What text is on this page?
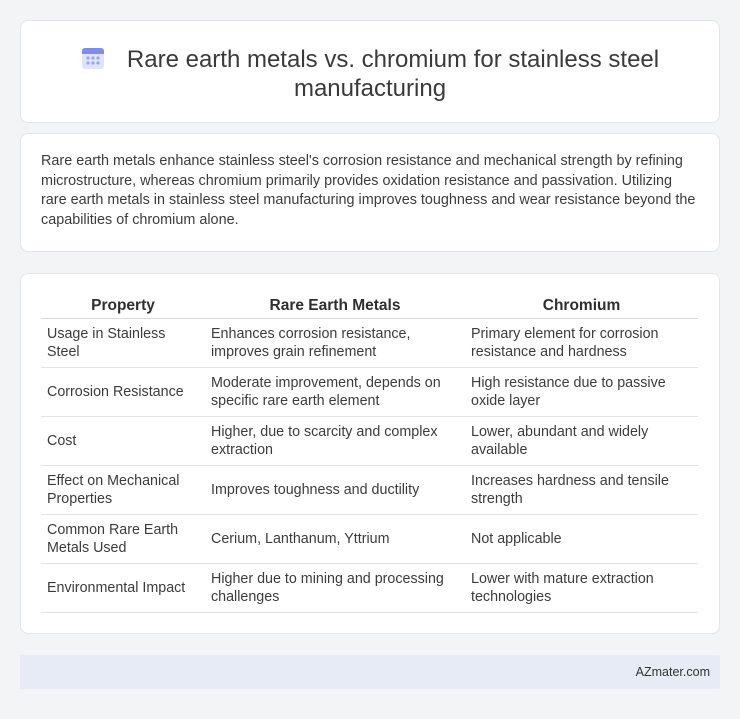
Rare earth metals vs. chromium for stainless steel
manufacturing

Rare earth metals enhance stainless steel's corrosion resistance and mechanical strength by refining microstructure, whereas chromium primarily provides oxidation resistance and passivation. Utilizing rare earth metals in stainless steel manufacturing improves toughness and wear resistance beyond the capabilities of chromium alone.

Property	Rare Earth Metals	Chromium
Usage in Stainless Steel	Enhances corrosion resistance, improves grain refinement	Primary element for corrosion resistance and hardness
Corrosion Resistance	Moderate improvement, depends on specific rare earth element	High resistance due to passive oxide layer
Cost	Higher, due to scarcity and complex extraction	Lower, abundant and widely available
Effect on Mechanical Properties	Improves toughness and ductility	Increases hardness and tensile strength
Common Rare Earth Metals Used	Cerium, Lanthanum, Yttrium	Not applicable
Environmental Impact	Higher due to mining and processing challenges	Lower with mature extraction technologies
AZmater.com
